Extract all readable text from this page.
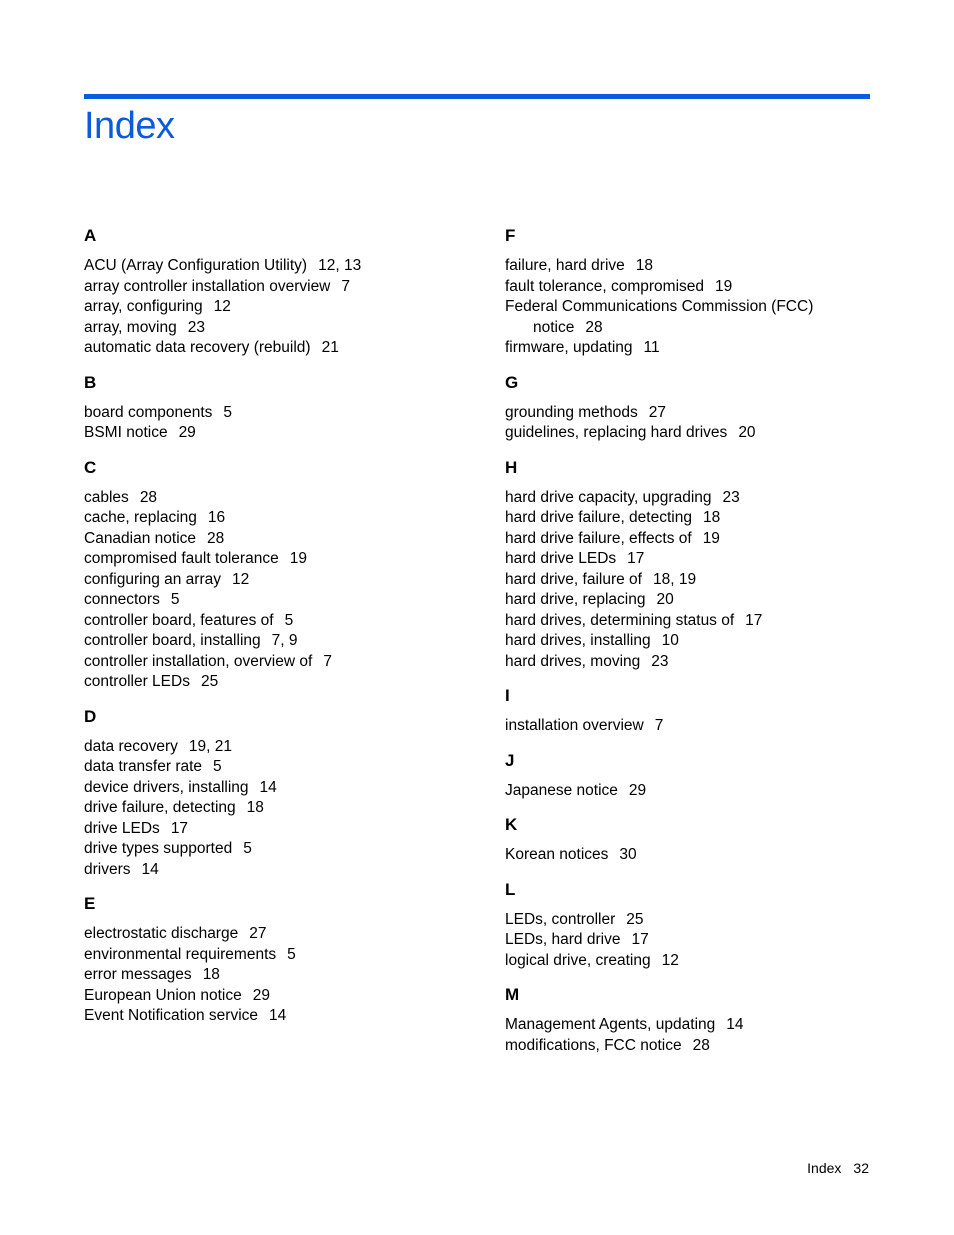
Index
A
ACU (Array Configuration Utility) 12, 13
array controller installation overview 7
array, configuring 12
array, moving 23
automatic data recovery (rebuild) 21
B
board components 5
BSMI notice 29
C
cables 28
cache, replacing 16
Canadian notice 28
compromised fault tolerance 19
configuring an array 12
connectors 5
controller board, features of 5
controller board, installing 7, 9
controller installation, overview of 7
controller LEDs 25
D
data recovery 19, 21
data transfer rate 5
device drivers, installing 14
drive failure, detecting 18
drive LEDs 17
drive types supported 5
drivers 14
E
electrostatic discharge 27
environmental requirements 5
error messages 18
European Union notice 29
Event Notification service 14
F
failure, hard drive 18
fault tolerance, compromised 19
Federal Communications Commission (FCC)
notice 28
firmware, updating 11
G
grounding methods 27
guidelines, replacing hard drives 20
H
hard drive capacity, upgrading 23
hard drive failure, detecting 18
hard drive failure, effects of 19
hard drive LEDs 17
hard drive, failure of 18, 19
hard drive, replacing 20
hard drives, determining status of 17
hard drives, installing 10
hard drives, moving 23
I
installation overview 7
J
Japanese notice 29
K
Korean notices 30
L
LEDs, controller 25
LEDs, hard drive 17
logical drive, creating 12
M
Management Agents, updating 14
modifications, FCC notice 28
Index 32
